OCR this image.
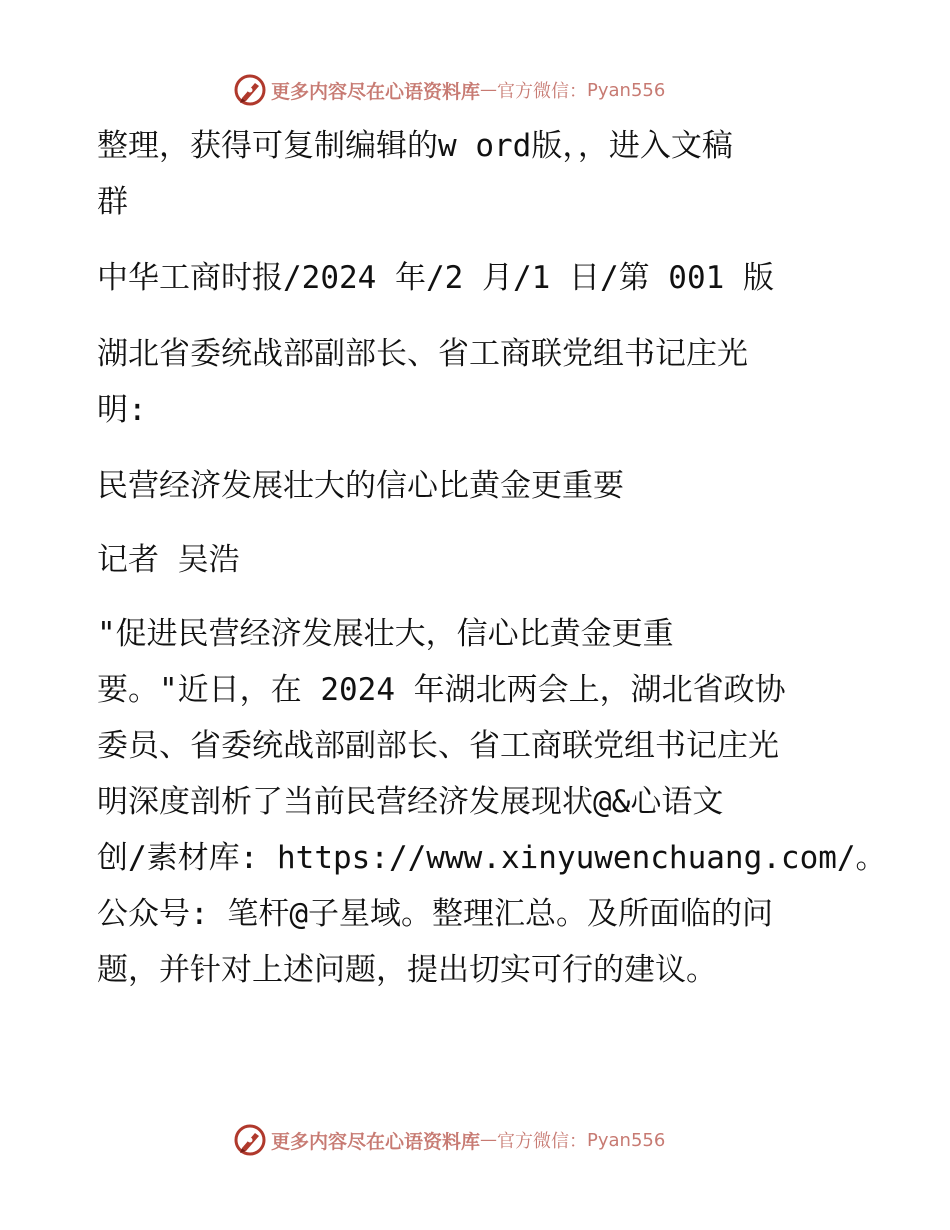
更多内容尽在心语资料库 — 官方微信： Pyan556
整理，获得可复制编辑的w ord版，，进入文稿
群
中华工商时报/2024 年/2 月/1 日/第 001 版
湖北省委统战部副部长、省工商联党组书记庄光
明:
民营经济发展壮大的信心比黄金更重要
记者 吴浩
"促进民营经济发展壮大，信心比黄金更重
要。"近日，在 2024 年湖北两会上，湖北省政协
委员、省委统战部副部长、省工商联党组书记庄光
明深度剖析了当前民营经济发展现状@&心语文
创/素材库: https://www.xinyuwenchuang.com/。
公众号: 笔杆@子星域。整理汇总。及所面临的问
题，并针对上述问题，提出切实可行的建议。
更多内容尽在心语资料库 — 官方微信： Pyan556
